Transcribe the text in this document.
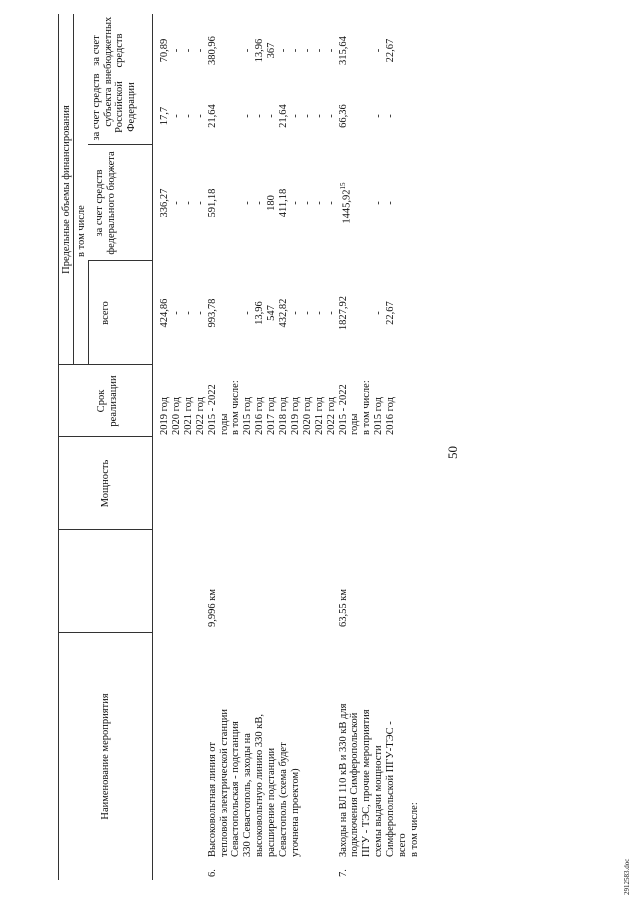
50
Наименование мероприятия
Мощность
Срок реализации
всего
Предельные объемы финансирования в том числе за счет средств федерального бюджета
за счет средств субъекта Российской Федерации
за счет внебюджетных средств
2019 год
424,86
336,27
17,7
70,89
2020 год
-
-
-
-
2021 год
-
-
-
-
2022 год
-
-
-
-
2015 - 2022
993,78
591,18
21,64
380,96
годы в том числе: 2015 год
-
-
-
-
2016 год
13,96
-
-
13,96
2017 год
547
180
-
367
2018 год
432,82
411,18
21,64
-
2019 год
-
-
-
-
2020 год
-
-
-
-
2021 год
-
-
-
-
2022 год
-
-
-
-
2015 - 2022
1827,92
1445,92$^{15}$
66,36
315,64
годы в том числе: 2015 год
-
-
-
-
2016 год
22,67
-
-
22,67
6.
Высоковольтная линия от тепловой электрической станции Севастопольская - подстанция 330 Севастополь, заходы на высоковольтную линию 330 кВ, расширение подстанции Севастополь (схема будет уточнена проектом)
9,996 км
7.
Заходы на ВЛ 110 кВ и 330 кВ для подключения Симферопольской ПГУ - ТЭС, прочие мероприятия схемы выдачи мощности Симферопольской ПГУ-ТЭС - всего в том числе:
63,55 км
2912583.doc
